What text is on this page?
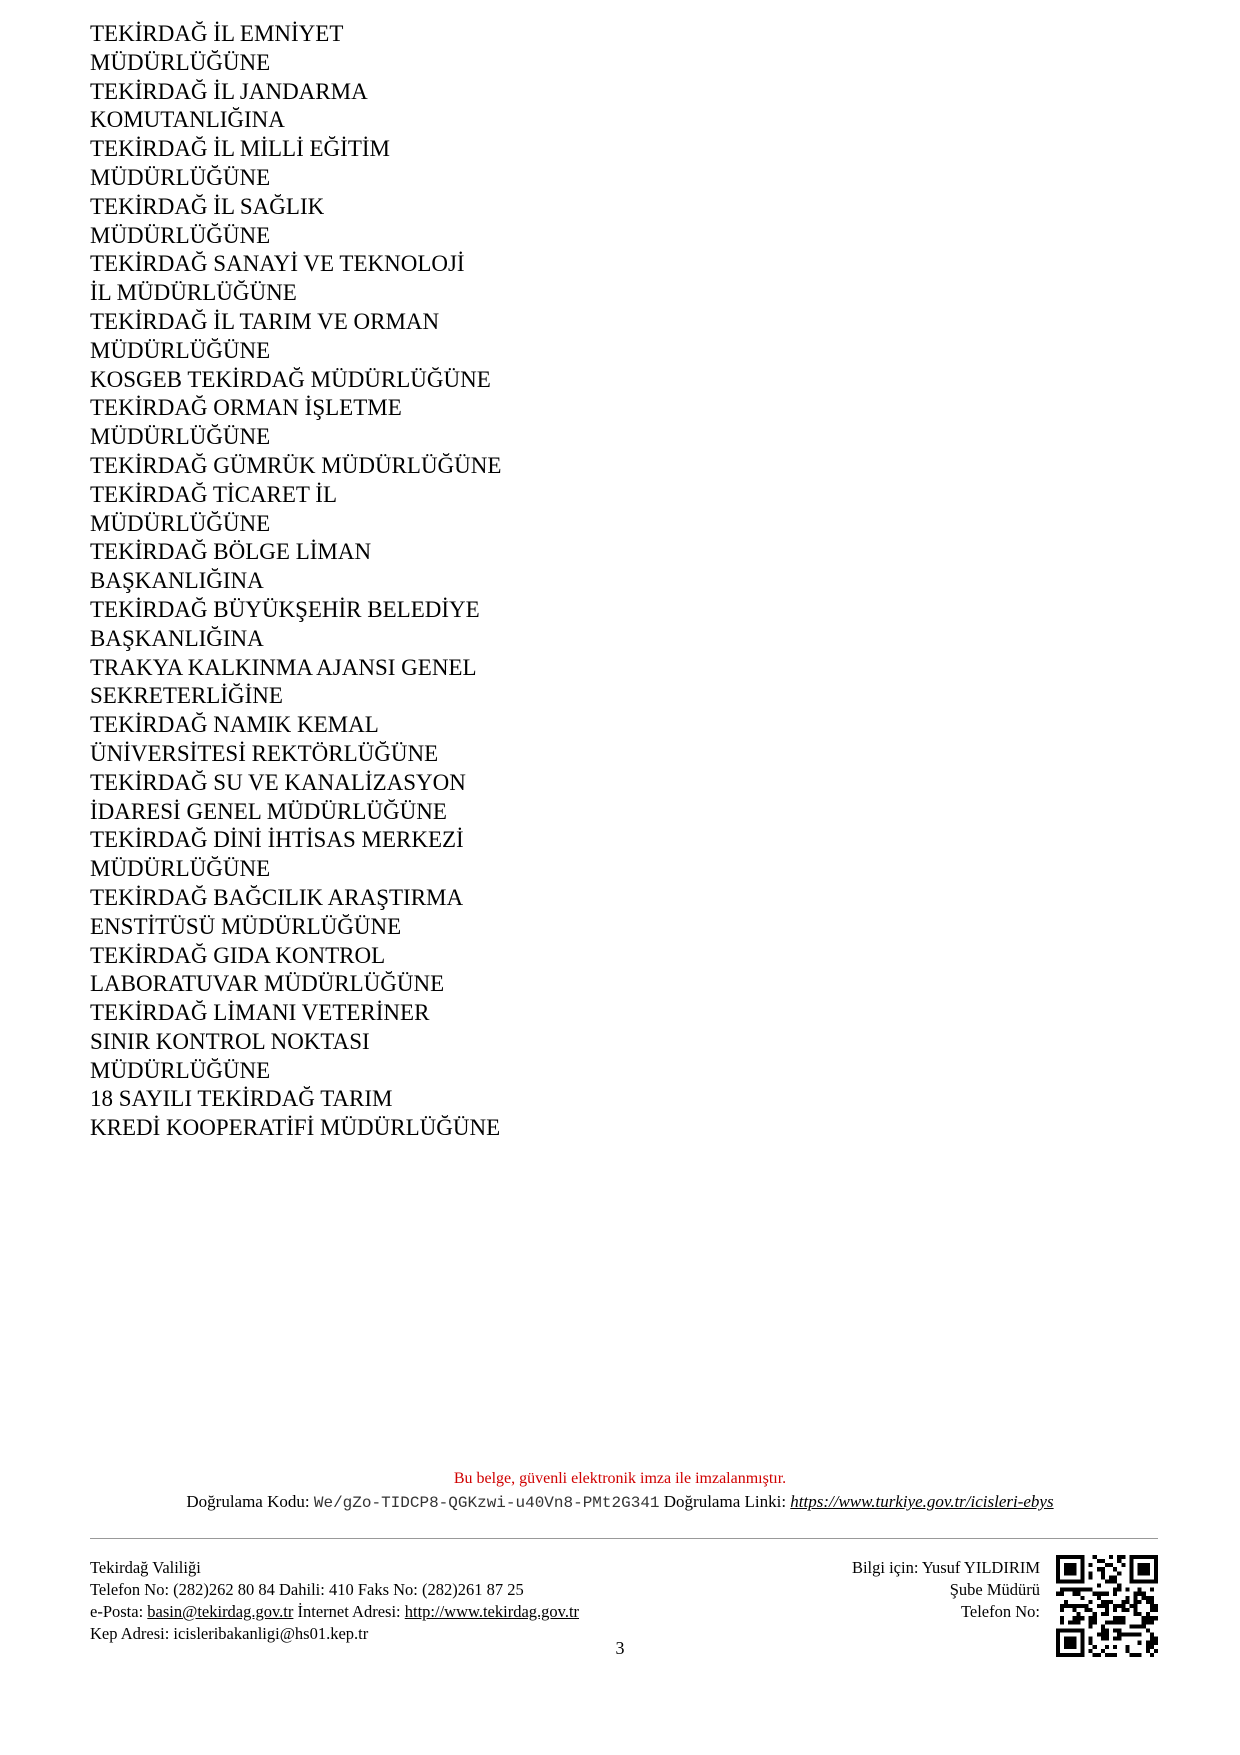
TEKİRDAĞ İL EMNİYET
MÜDÜRLÜĞÜNE
TEKİRDAĞ İL JANDARMA
KOMUTANLIĞINA
TEKİRDAĞ İL MİLLİ EĞİTİM
MÜDÜRLÜĞÜNE
TEKİRDAĞ İL SAĞLIK
MÜDÜRLÜĞÜNE
TEKİRDAĞ SANAYİ VE TEKNOLOJİ
İL MÜDÜRLÜĞÜNE
TEKİRDAĞ İL TARIM VE ORMAN
MÜDÜRLÜĞÜNE
KOSGEB TEKİRDAĞ MÜDÜRLÜĞÜNE
TEKİRDAĞ ORMAN İŞLETME
MÜDÜRLÜĞÜNE
TEKİRDAĞ GÜMRÜK MÜDÜRLÜĞÜNE
TEKİRDAĞ TİCARET İL
MÜDÜRLÜĞÜNE
TEKİRDAĞ BÖLGE LİMAN
BAŞKANLIĞINA
TEKİRDAĞ BÜYÜKŞEHİR BELEDİYE
BAŞKANLIĞINA
TRAKYA KALKINMA AJANSI GENEL
SEKRETERLİĞİNE
TEKİRDAĞ NAMIK KEMAL
ÜNİVERSİTESİ REKTÖRLÜĞÜNE
TEKİRDAĞ SU VE KANALİZASYON
İDARESİ GENEL MÜDÜRLÜĞÜNE
TEKİRDAĞ DİNİ İHTİSAS MERKEZİ
MÜDÜRLÜĞÜNE
TEKİRDAĞ BAĞCILIK ARAŞTIRMA
ENSTİTÜSÜ MÜDÜRLÜĞÜNE
TEKİRDAĞ GIDA KONTROL
LABORATUVAR MÜDÜRLÜĞÜNE
TEKİRDAĞ LİMANI VETERİNER
SINIR KONTROL NOKTASI
MÜDÜRLÜĞÜNE
18 SAYILI TEKİRDAĞ TARIM
KREDİ KOOPERATİFİ MÜDÜRLÜĞÜNE
Bu belge, güvenli elektronik imza ile imzalanmıştır.
Doğrulama Kodu: We/gZo-TIDCP8-QGKzwi-u40Vn8-PMt2G341 Doğrulama Linki: https://www.turkiye.gov.tr/icisleri-ebys
Tekirdağ Valiliği
Telefon No: (282)262 80 84 Dahili: 410 Faks No: (282)261 87 25
e-Posta: basin@tekirdag.gov.tr İnternet Adresi: http://www.tekirdag.gov.tr
Kep Adresi: icisleribakanligi@hs01.kep.tr
Bilgi için: Yusuf YILDIRIM
Şube Müdürü
Telefon No:
3
